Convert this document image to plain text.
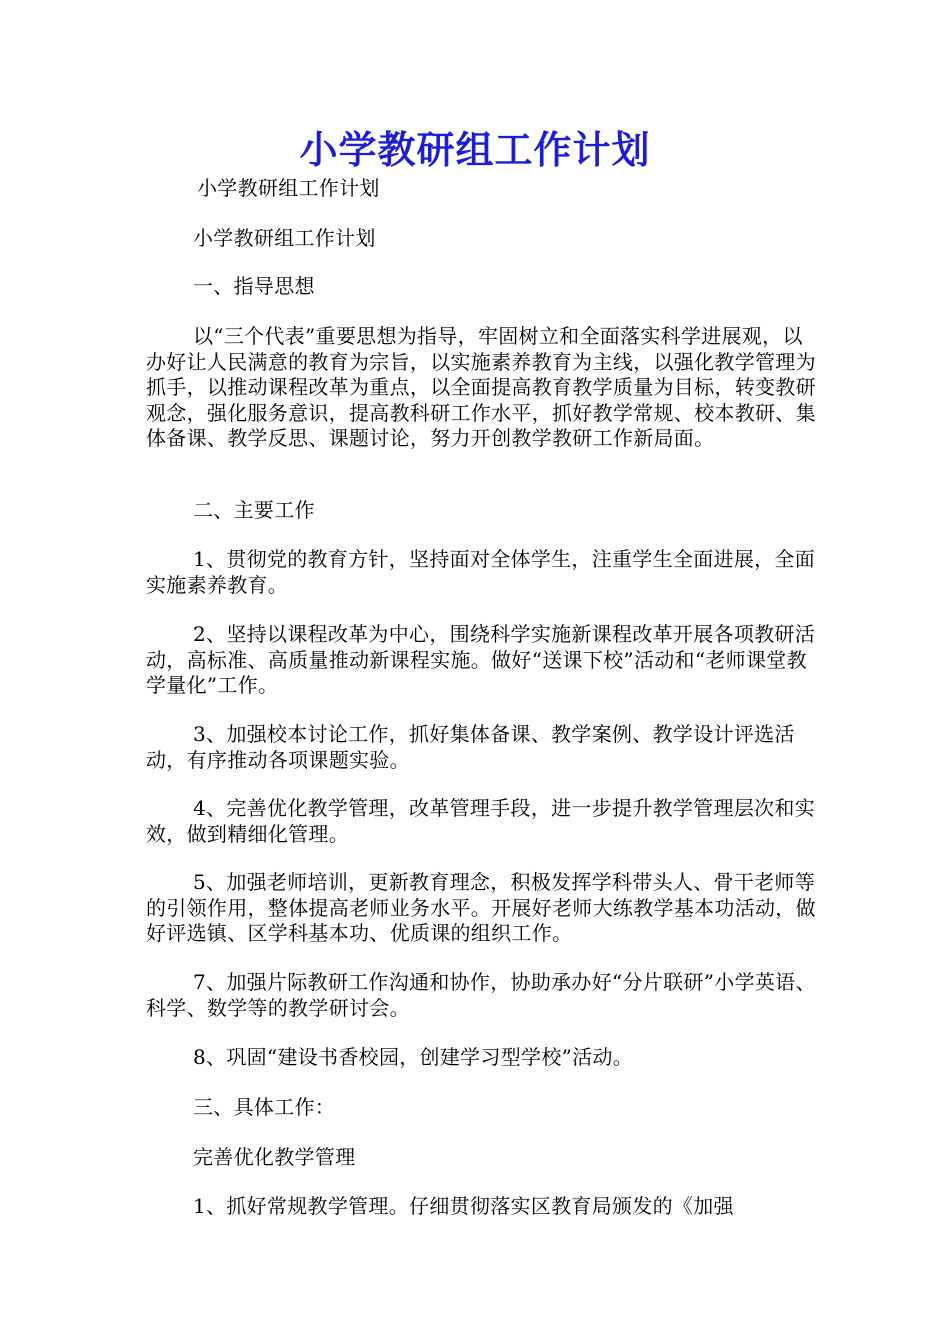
小学教研组工作计划
小学教研组工作计划
小学教研组工作计划
一、指导思想
以“三个代表”重要思想为指导，牢固树立和全面落实科学进展观，以办好让人民满意的教育为宗旨，以实施素养教育为主线，以强化教学管理为抓手，以推动课程改革为重点，以全面提高教育教学质量为目标，转变教研观念，强化服务意识，提高教科研工作水平，抓好教学常规、校本教研、集体备课、教学反思、课题讨论，努力开创教学教研工作新局面。
二、主要工作
1、贯彻党的教育方针，坚持面对全体学生，注重学生全面进展，全面实施素养教育。
2、坚持以课程改革为中心，围绕科学实施新课程改革开展各项教研活动，高标准、高质量推动新课程实施。做好“送课下校”活动和“老师课堂教学量化”工作。
3、加强校本讨论工作，抓好集体备课、教学案例、教学设计评选活动，有序推动各项课题实验。
4、完善优化教学管理，改革管理手段，进一步提升教学管理层次和实效，做到精细化管理。
5、加强老师培训，更新教育理念，积极发挥学科带头人、骨干老师等的引领作用，整体提高老师业务水平。开展好老师大练教学基本功活动，做好评选镇、区学科基本功、优质课的组织工作。
7、加强片际教研工作沟通和协作，协助承办好“分片联研”小学英语、科学、数学等的教学研讨会。
8、巩固“建设书香校园，创建学习型学校”活动。
三、具体工作：
完善优化教学管理
1、抓好常规教学管理。仔细贯彻落实区教育局颁发的《加强
